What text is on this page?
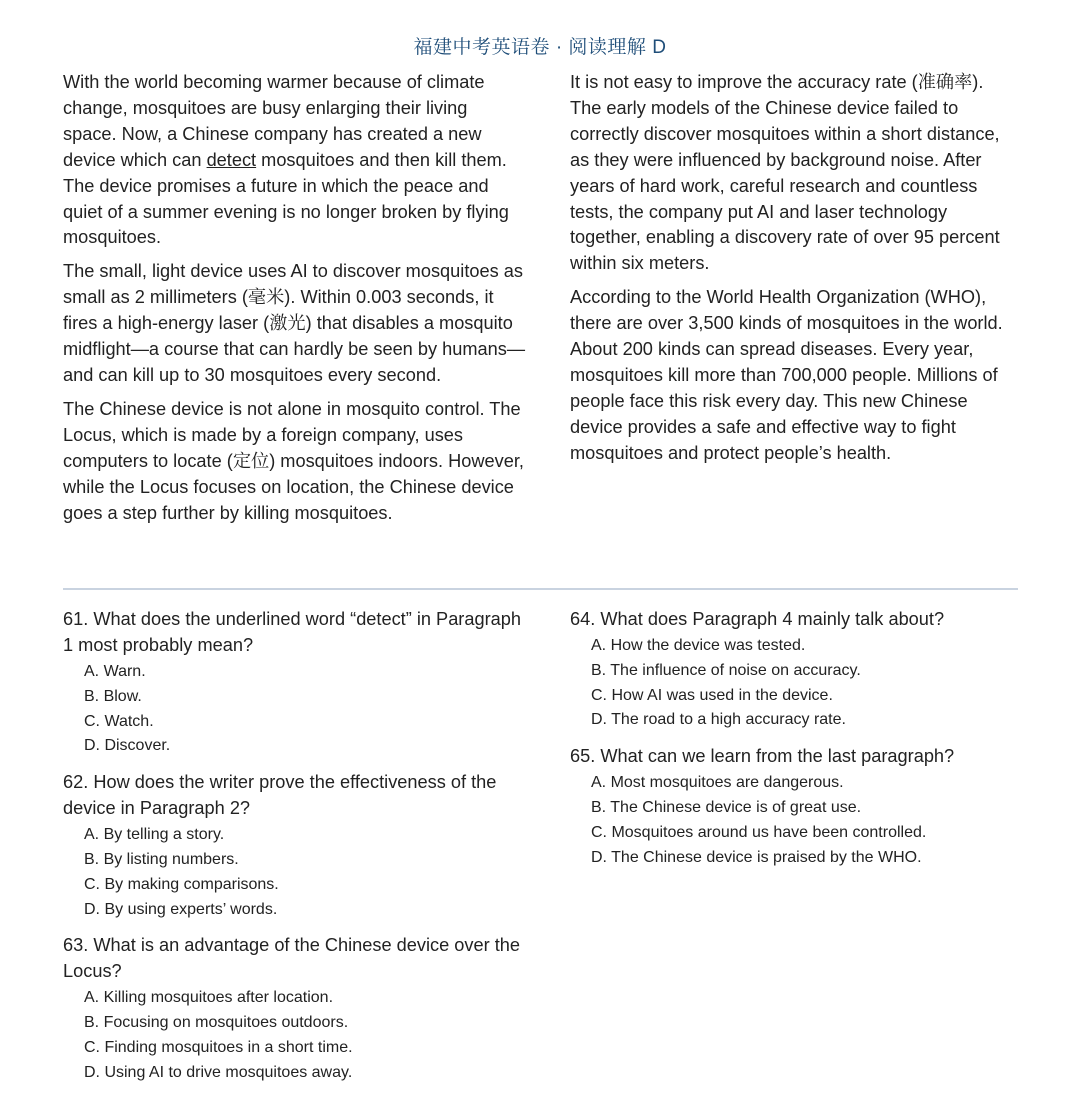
福建中考英语卷 · 阅读理解 D

With the world becoming warmer because of climate change, mosquitoes are busy enlarging their living space. Now, a Chinese company has created a new device which can detect mosquitoes and then kill them. The device promises a future in which the peace and quiet of a summer evening is no longer broken by flying mosquitoes.

The small, light device uses AI to discover mosquitoes as small as 2 millimeters (毫米). Within 0.003 seconds, it fires a high-energy laser (激光) that disables a mosquito midflight—a course that can hardly be seen by humans—and can kill up to 30 mosquitoes every second.

The Chinese device is not alone in mosquito control. The Locus, which is made by a foreign company, uses computers to locate (定位) mosquitoes indoors. However, while the Locus focuses on location, the Chinese device goes a step further by killing mosquitoes.

It is not easy to improve the accuracy rate (准确率). The early models of the Chinese device failed to correctly discover mosquitoes within a short distance, as they were influenced by background noise. After years of hard work, careful research and countless tests, the company put AI and laser technology together, enabling a discovery rate of over 95 percent within six meters.

According to the World Health Organization (WHO), there are over 3,500 kinds of mosquitoes in the world. About 200 kinds can spread diseases. Every year, mosquitoes kill more than 700,000 people. Millions of people face this risk every day. This new Chinese device provides a safe and effective way to fight mosquitoes and protect people’s health.

61. What does the underlined word “detect” in Paragraph 1 most probably mean?
A. Warn.
B. Blow.
C. Watch.
D. Discover.
62. How does the writer prove the effectiveness of the device in Paragraph 2?
A. By telling a story.
B. By listing numbers.
C. By making comparisons.
D. By using experts’ words.
63. What is an advantage of the Chinese device over the Locus?
A. Killing mosquitoes after location.
B. Focusing on mosquitoes outdoors.
C. Finding mosquitoes in a short time.
D. Using AI to drive mosquitoes away.
64. What does Paragraph 4 mainly talk about?
A. How the device was tested.
B. The influence of noise on accuracy.
C. How AI was used in the device.
D. The road to a high accuracy rate.
65. What can we learn from the last paragraph?
A. Most mosquitoes are dangerous.
B. The Chinese device is of great use.
C. Mosquitoes around us have been controlled.
D. The Chinese device is praised by the WHO.
